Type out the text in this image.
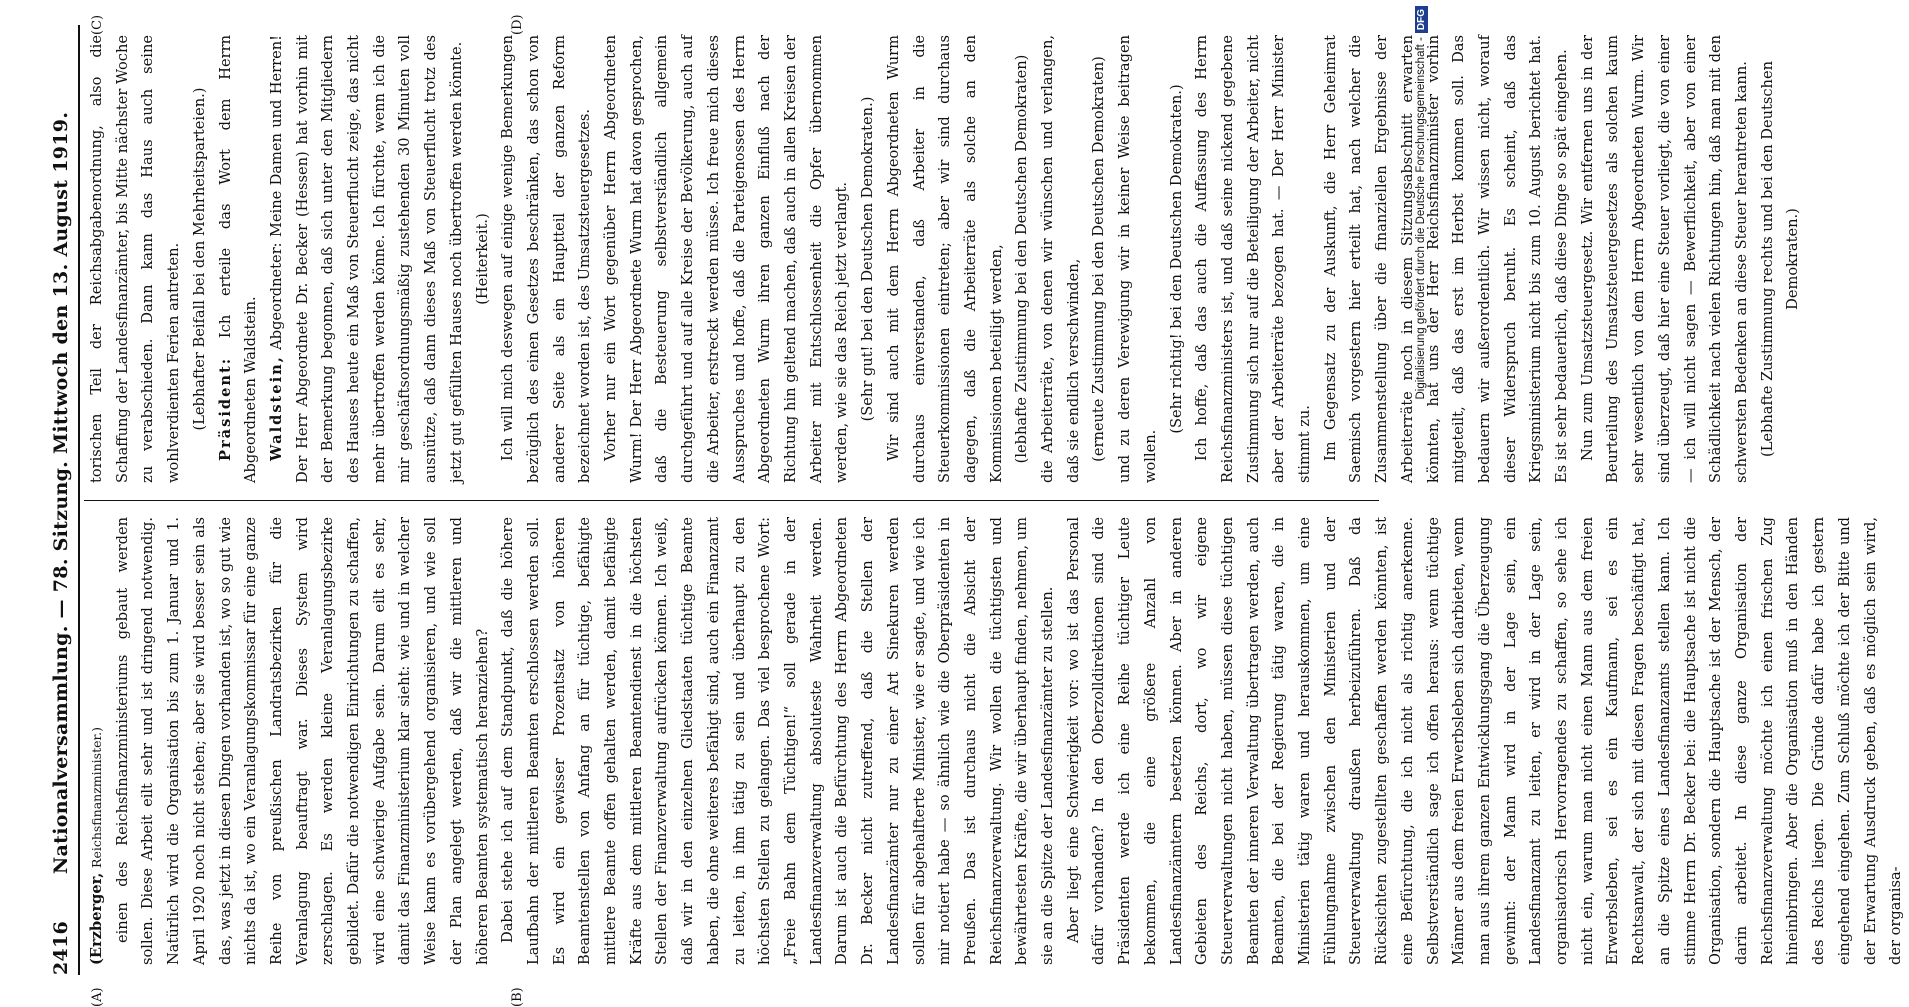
2416
Nationalversammlung. — 78. Sitzung. Mittwoch den 13. August 1919.

(Erzberger, Reichsfinanzminister.) einen des Reichsfinanzministeriums gebaut werden sollen. Diese Arbeit eilt sehr und ist dringend notwendig. Natürlich wird die Organisation bis zum 1. Januar und 1. April 1920 noch nicht stehen; aber sie wird besser sein als das, was jetzt in diesen Dingen vorhanden ist, wo so gut wie nichts da ist, wo ein Veranlagungskommissar für eine ganze Reihe von preußischen Landratsbezirken für die Veranlagung beauftragt war. Dieses System wird zerschlagen. Es werden kleine Veranlagungsbezirke gebildet. Dafür die notwendigen Einrichtungen zu schaffen, wird eine schwierige Aufgabe sein. Darum eilt es sehr, damit das Finanzministerium klar sieht: wie und in welcher Weise kann es vorübergehend organisieren, und wie soll der Plan angelegt werden, daß wir die mittleren und höheren Beamten systematisch heranziehen? Dabei stehe ich auf dem Standpunkt, daß die höhere Laufbahn der mittleren Beamten erschlossen werden soll. Es wird ein gewisser Prozentsatz von höheren Beamtenstellen von Anfang an für tüchtige, befähigte mittlere Beamte offen gehalten werden, damit befähigte Kräfte aus dem mittleren Beamtendienst in die höchsten Stellen der Finanzverwaltung aufrücken können. Ich weiß, daß wir in den einzelnen Gliedstaaten tüchtige Beamte haben, die ohne weiteres befähigt sind, auch ein Finanzamt zu leiten, in ihm tätig zu sein und überhaupt zu den höchsten Stellen zu gelangen. Das viel besprochene Wort: „Freie Bahn dem Tüchtigen!“ soll gerade in der Landesfinanzverwaltung absoluteste Wahrheit werden. Darum ist auch die Befürchtung des Herrn Abgeordneten Dr. Becker nicht zutreffend, daß die Stellen der Landesfinanzämter nur zu einer Art Sinekuren werden sollen für abgehalfterte Minister, wie er sagte, und wie ich mir notiert habe — so ähnlich wie die Oberpräsidenten in Preußen. Das ist durchaus nicht die Absicht der Reichsfinanzverwaltung. Wir wollen die tüchtigsten und bewährtesten Kräfte, die wir überhaupt finden, nehmen, um sie an die Spitze der Landesfinanzämter zu stellen. Aber liegt eine Schwierigkeit vor: wo ist das Personal dafür vorhanden? In den Oberzolldirektionen sind die Präsidenten werde ich eine Reihe tüchtiger Leute bekommen, die eine größere Anzahl von Landesfinanzämtern besetzen können. Aber in anderen Gebieten des Reichs, dort, wo wir eigene Steuerverwaltungen nicht haben, müssen diese tüchtigen Beamten der inneren Verwaltung übertragen werden, auch Beamten, die bei der Regierung tätig waren, die in Ministerien tätig waren und herauskommen, um eine Fühlungnahme zwischen den Ministerien und der Steuerverwaltung draußen herbeizuführen. Daß da Rücksichten zugestellten geschaffen werden könnten, ist eine Befürchtung, die ich nicht als richtig anerkenne. Selbstverständlich sage ich offen heraus: wenn tüchtige Männer aus dem freien Erwerbsleben sich darbieten, wenn man aus ihrem ganzen Entwicklungsgang die Überzeugung gewinnt: der Mann wird in der Lage sein, ein Landesfinanzamt zu leiten, er wird in der Lage sein, organisatorisch Hervorragendes zu schaffen, so sehe ich nicht ein, warum man nicht einen Mann aus dem freien Erwerbsleben, sei es ein Kaufmann, sei es ein Rechtsanwalt, der sich mit diesen Fragen beschäftigt hat, an die Spitze eines Landesfinanzamts stellen kann. Ich stimme Herrn Dr. Becker bei: die Hauptsache ist nicht die Organisation, sondern die Hauptsache ist der Mensch, der darin arbeitet. In diese ganze Organisation der Reichsfinanzverwaltung möchte ich einen frischen Zug hineinbringen. Aber die Organisation muß in den Händen des Reichs liegen. Die Gründe dafür habe ich gestern eingehend eingehen. Zum Schluß möchte ich der Bitte und der Erwartung Ausdruck geben, daß es möglich sein wird, der organisa-

torischen Teil der Reichsabgabenordnung, also die Schaffung der Landesfinanzämter, bis Mitte nächster Woche zu verabschieden. Dann kann das Haus auch seine wohlverdienten Ferien antreten. (Lebhafter Beifall bei den Mehrheitsparteien.) Präsident: Ich erteile das Wort dem Herrn Abgeordneten Waldstein. Waldstein, Abgeordneter: Meine Damen und Herren! Der Herr Abgeordnete Dr. Becker (Hessen) hat vorhin mit der Bemerkung begonnen, daß sich unter den Mitgliedern des Hauses heute ein Maß von Steuerflucht zeige, das nicht mehr übertroffen werden könne. Ich fürchte, wenn ich die mir geschäftsordnungsmäßig zustehenden 30 Minuten voll ausnütze, daß dann dieses Maß von Steuerflucht trotz des jetzt gut gefüllten Hauses noch übertroffen werden könnte. (Heiterkeit.) Ich will mich deswegen auf einige wenige Bemerkungen bezüglich des einen Gesetzes beschränken, das schon von anderer Seite als ein Hauptteil der ganzen Reform bezeichnet worden ist, des Umsatzsteuergesetzes. Vorher nur ein Wort gegenüber Herrn Abgeordneten Wurm! Der Herr Abgeordnete Wurm hat davon gesprochen, daß die Besteuerung selbstverständlich allgemein durchgeführt und auf alle Kreise der Bevölkerung, auch auf die Arbeiter, erstreckt werden müsse. Ich freue mich dieses Ausspruches und hoffe, daß die Parteigenossen des Herrn Abgeordneten Wurm ihren ganzen Einfluß nach der Richtung hin geltend machen, daß auch in allen Kreisen der Arbeiter mit Entschlossenheit die Opfer übernommen werden, wie sie das Reich jetzt verlangt. (Sehr gut! bei den Deutschen Demokraten.) Wir sind auch mit dem Herrn Abgeordneten Wurm durchaus einverstanden, daß Arbeiter in die Steuerkommissionen eintreten; aber wir sind durchaus dagegen, daß die Arbeiterräte als solche an den Kommissionen beteiligt werden, (lebhafte Zustimmung bei den Deutschen Demokraten) die Arbeiterräte, von denen wir wünschen und verlangen, daß sie endlich verschwinden, (erneute Zustimmung bei den Deutschen Demokraten) und zu deren Verewigung wir in keiner Weise beitragen wollen.

(Sehr richtig! bei den Deutschen Demokraten.) Ich hoffe, daß das auch die Auffassung des Herrn Reichsfinanzministers ist, und daß seine nickend gegebene Zustimmung sich nur auf die Beteiligung der Arbeiter, nicht aber der Arbeiterräte bezogen hat. — Der Herr Minister stimmt zu. Im Gegensatz zu der Auskunft, die Herr Geheimrat Saemisch vorgestern hier erteilt hat, nach welcher die Zusammenstellung über die finanziellen Ergebnisse der Arbeiterräte noch in diesem Sitzungsabschnitt erwarten könnten, hat uns der Herr Reichsfinanzminister vorhin mitgeteilt, daß das erst im Herbst kommen soll. Das bedauern wir außerordentlich. Wir wissen nicht, worauf dieser Widerspruch beruht. Es scheint, daß das Kriegsministerium nicht bis zum 10. August berichtet hat. Es ist sehr bedauerlich, daß diese Dinge so spät eingehen. Nun zum Umsatzsteuergesetz. Wir entfernen uns in der Beurteilung des Umsatzsteuergesetzes als solchen kaum sehr wesentlich von dem Herrn Abgeordneten Wurm. Wir sind überzeugt, daß hier eine Steuer vorliegt, die von einer — ich will nicht sagen — Bewerflichkeit, aber von einer Schädlichkeit nach vielen Richtungen hin, daß man mit den schwersten Bedenken an diese Steuer herantreten kann. (Lebhafte Zustimmung rechts und bei den Deutschen Demokraten.)

(A)	(B)
(C)	(D)
Digitalisierung gefördert durch die Deutsche Forschungsgemeinschaft -
DFG
